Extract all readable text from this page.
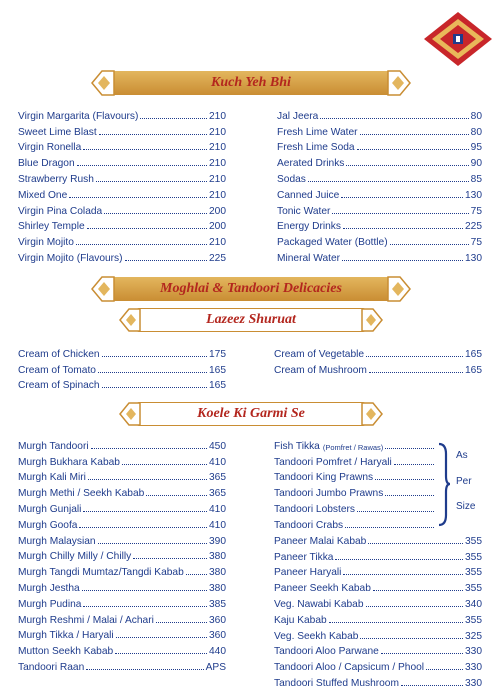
Kuch Yeh Bhi
Virgin Margarita (Flavours)	210
Sweet Lime Blast	210
Virgin Ronella	210
Blue Dragon	210
Strawberry Rush	210
Mixed One	210
Virgin Pina Colada	200
Shirley Temple	200
Virgin Mojito	210
Virgin Mojito (Flavours)	225
Jal Jeera	80
Fresh Lime Water	80
Fresh Lime Soda	95
Aerated Drinks	90
Sodas	85
Canned Juice	130
Tonic Water	75
Energy Drinks	225
Packaged Water (Bottle)	75
Mineral Water	130
Moghlai & Tandoori Delicacies
Lazeez Shuruat
Cream of Chicken	175
Cream of Tomato	165
Cream of Spinach	165
Cream of Vegetable	165
Cream of Mushroom	165
Koele Ki Garmi Se
Murgh Tandoori	450
Murgh Bukhara Kabab	410
Murgh Kali Miri	365
Murgh Methi / Seekh Kabab	365
Murgh Gunjali	410
Murgh Goofa	410
Murgh Malaysian	390
Murgh Chilly Milly / Chilly	380
Murgh Tangdi Mumtaz/Tangdi Kabab 380
Murgh Jestha	380
Murgh Pudina	385
Murgh Reshmi / Malai / Achari	360
Murgh Tikka / Haryali	360
Mutton Seekh Kabab	440
Tandoori Raan	APS
Fish Tikka (Pomfret / Rawas)
Tandoori Pomfret / Haryali
Tandoori King Prawns
Tandoori Jumbo Prawns
Tandoori Lobsters
Tandoori Crabs
As
Per
Size
Paneer Malai Kabab	355
Paneer Tikka	355
Paneer Haryali	355
Paneer Seekh Kabab	355
Veg. Nawabi Kabab	340
Kaju Kabab	355
Veg. Seekh Kabab	325
Tandoori Aloo Parwane	330
Tandoori Aloo / Capsicum / Phool	330
Tandoori Stuffed Mushroom	330
